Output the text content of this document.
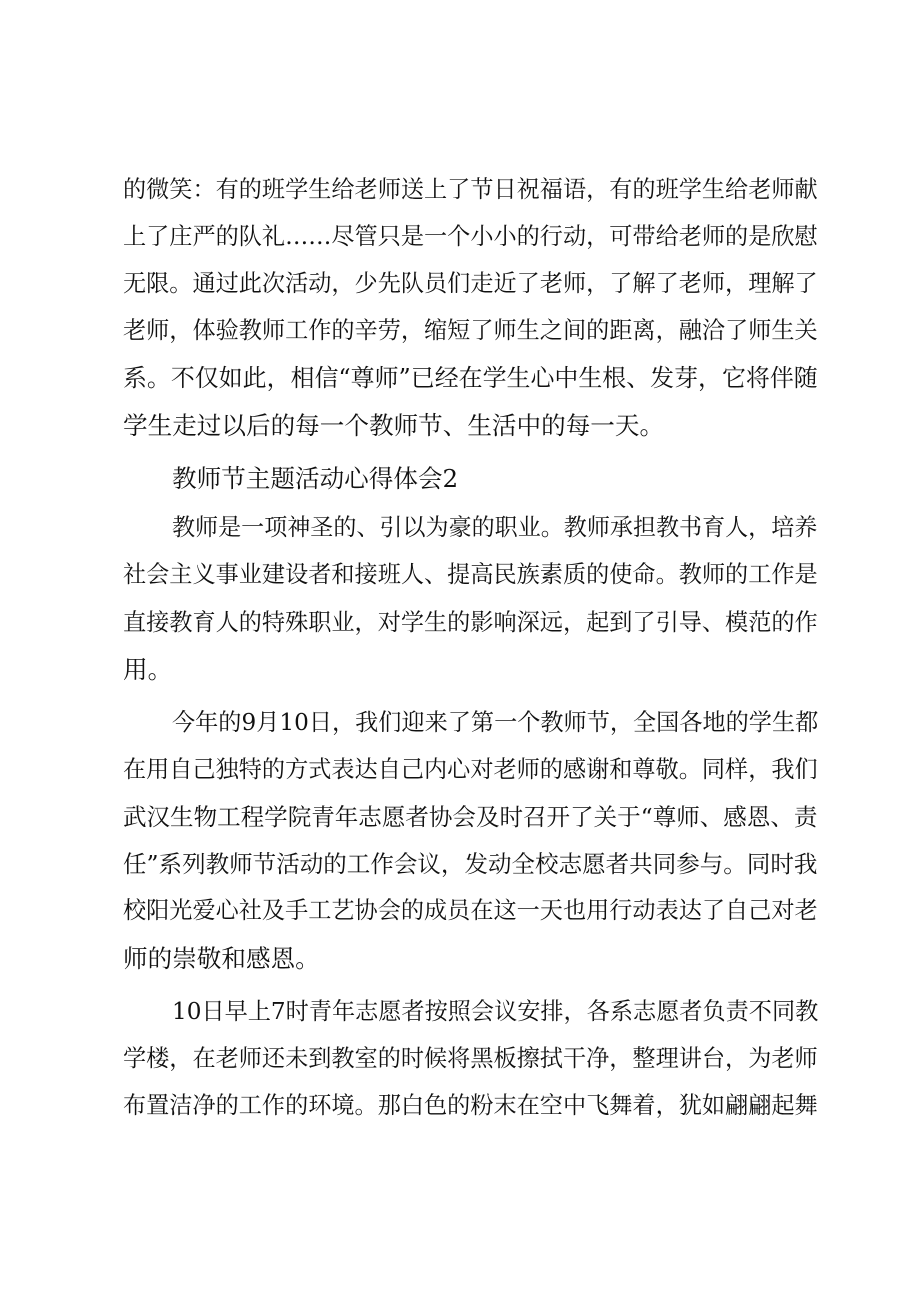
的微笑：有的班学生给老师送上了节日祝福语，有的班学生给老师献
上了庄严的队礼……尽管只是一个小小的行动，可带给老师的是欣慰
无限。通过此次活动，少先队员们走近了老师，了解了老师，理解了
老师，体验教师工作的辛劳，缩短了师生之间的距离，融洽了师生关
系。不仅如此，相信“尊师”已经在学生心中生根、发芽，它将伴随
学生走过以后的每一个教师节、生活中的每一天。
教师节主题活动心得体会2
教师是一项神圣的、引以为豪的职业。教师承担教书育人，培养
社会主义事业建设者和接班人、提高民族素质的使命。教师的工作是
直接教育人的特殊职业，对学生的影响深远，起到了引导、模范的作
用。
今年的9月10日，我们迎来了第一个教师节，全国各地的学生都
在用自己独特的方式表达自己内心对老师的感谢和尊敬。同样，我们
武汉生物工程学院青年志愿者协会及时召开了关于“尊师、感恩、责
任”系列教师节活动的工作会议，发动全校志愿者共同参与。同时我
校阳光爱心社及手工艺协会的成员在这一天也用行动表达了自己对老
师的崇敬和感恩。
10日早上7时青年志愿者按照会议安排，各系志愿者负责不同教
学楼，在老师还未到教室的时候将黑板擦拭干净，整理讲台，为老师
布置洁净的工作的环境。那白色的粉末在空中飞舞着，犹如翩翩起舞
